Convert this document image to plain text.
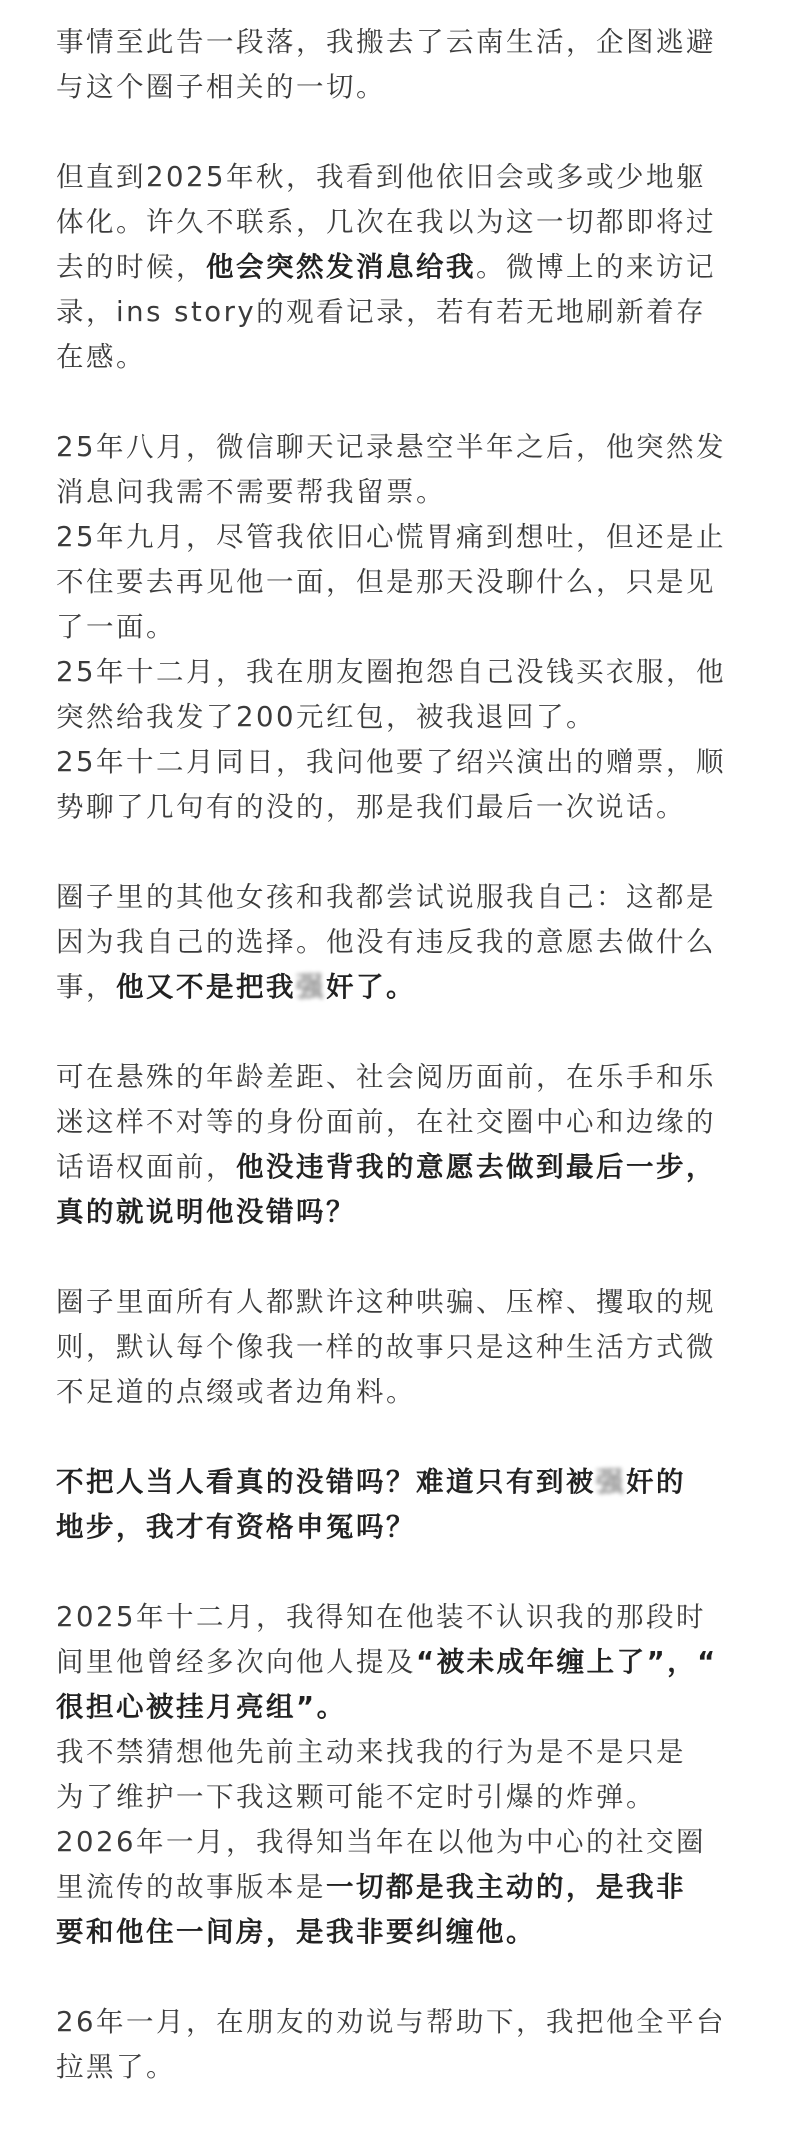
事情至此告一段落，我搬去了云南生活，企图逃避
与这个圈子相关的一切。
但直到2025年秋，我看到他依旧会或多或少地躯
体化。许久不联系，几次在我以为这一切都即将过
去的时候，他会突然发消息给我。微博上的来访记
录，ins story的观看记录，若有若无地刷新着存
在感。
25年八月，微信聊天记录悬空半年之后，他突然发
消息问我需不需要帮我留票。
25年九月，尽管我依旧心慌胃痛到想吐，但还是止
不住要去再见他一面，但是那天没聊什么，只是见
了一面。
25年十二月，我在朋友圈抱怨自己没钱买衣服，他
突然给我发了200元红包，被我退回了。
25年十二月同日，我问他要了绍兴演出的赠票，顺
势聊了几句有的没的，那是我们最后一次说话。
圈子里的其他女孩和我都尝试说服我自己：这都是
因为我自己的选择。他没有违反我的意愿去做什么
事，他又不是把我强奸了。
可在悬殊的年龄差距、社会阅历面前，在乐手和乐
迷这样不对等的身份面前，在社交圈中心和边缘的
话语权面前，他没违背我的意愿去做到最后一步，
真的就说明他没错吗？
圈子里面所有人都默许这种哄骗、压榨、攫取的规
则，默认每个像我一样的故事只是这种生活方式微
不足道的点缀或者边角料。
不把人当人看真的没错吗？难道只有到被强奸的
地步，我才有资格申冤吗？
2025年十二月，我得知在他装不认识我的那段时
间里他曾经多次向他人提及“被未成年缠上了”，“
很担心被挂月亮组”。
我不禁猜想他先前主动来找我的行为是不是只是
为了维护一下我这颗可能不定时引爆的炸弹。
2026年一月，我得知当年在以他为中心的社交圈
里流传的故事版本是一切都是我主动的，是我非
要和他住一间房，是我非要纠缠他。
26年一月，在朋友的劝说与帮助下，我把他全平台
拉黑了。
